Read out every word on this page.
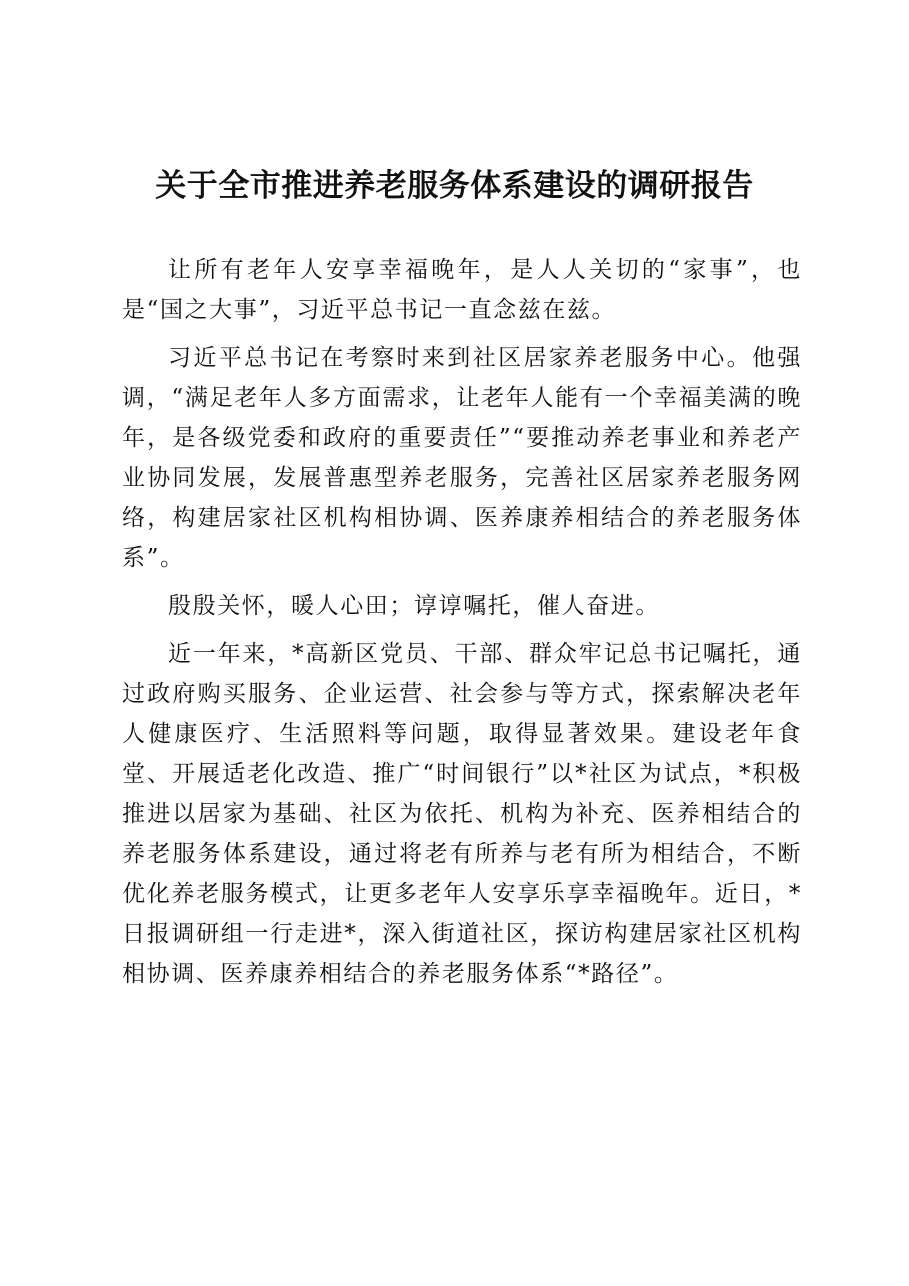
关于全市推进养老服务体系建设的调研报告

让所有老年人安享幸福晚年，是人人关切的“家事”，也是“国之大事”，习近平总书记一直念兹在兹。

习近平总书记在考察时来到社区居家养老服务中心。他强调，“满足老年人多方面需求，让老年人能有一个幸福美满的晚年，是各级党委和政府的重要责任”“要推动养老事业和养老产业协同发展，发展普惠型养老服务，完善社区居家养老服务网络，构建居家社区机构相协调、医养康养相结合的养老服务体系”。

殷殷关怀，暖人心田；谆谆嘱托，催人奋进。

近一年来，*高新区党员、干部、群众牢记总书记嘱托，通过政府购买服务、企业运营、社会参与等方式，探索解决老年人健康医疗、生活照料等问题，取得显著效果。建设老年食堂、开展适老化改造、推广“时间银行”以*社区为试点，*积极推进以居家为基础、社区为依托、机构为补充、医养相结合的养老服务体系建设，通过将老有所养与老有所为相结合，不断优化养老服务模式，让更多老年人安享乐享幸福晚年。近日，*日报调研组一行走进*，深入街道社区，探访构建居家社区机构相协调、医养康养相结合的养老服务体系“*路径”。
